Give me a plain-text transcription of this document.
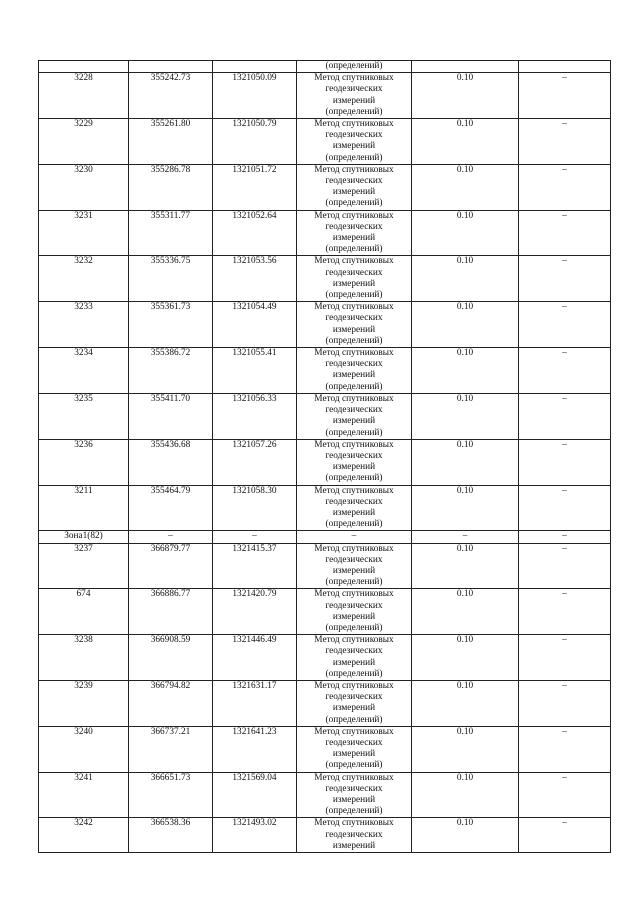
			(определений)		
3228	355242.73	1321050.09	Метод спутниковых
геодезических
измерений
(определений)	0.10	–
3229	355261.80	1321050.79	Метод спутниковых
геодезических
измерений
(определений)	0.10	–
3230	355286.78	1321051.72	Метод спутниковых
геодезических
измерений
(определений)	0.10	–
3231	355311.77	1321052.64	Метод спутниковых
геодезических
измерений
(определений)	0.10	–
3232	355336.75	1321053.56	Метод спутниковых
геодезических
измерений
(определений)	0.10	–
3233	355361.73	1321054.49	Метод спутниковых
геодезических
измерений
(определений)	0.10	–
3234	355386.72	1321055.41	Метод спутниковых
геодезических
измерений
(определений)	0.10	–
3235	355411.70	1321056.33	Метод спутниковых
геодезических
измерений
(определений)	0.10	–
3236	355436.68	1321057.26	Метод спутниковых
геодезических
измерений
(определений)	0.10	–
3211	355464.79	1321058.30	Метод спутниковых
геодезических
измерений
(определений)	0.10	–
Зона1(82)	–	–	–	–	–
3237	366879.77	1321415.37	Метод спутниковых
геодезических
измерений
(определений)	0.10	–
674	366886.77	1321420.79	Метод спутниковых
геодезических
измерений
(определений)	0.10	–
3238	366908.59	1321446.49	Метод спутниковых
геодезических
измерений
(определений)	0.10	–
3239	366794.82	1321631.17	Метод спутниковых
геодезических
измерений
(определений)	0.10	–
3240	366737.21	1321641.23	Метод спутниковых
геодезических
измерений
(определений)	0.10	–
3241	366651.73	1321569.04	Метод спутниковых
геодезических
измерений
(определений)	0.10	–
3242	366538.36	1321493.02	Метод спутниковых
геодезических
измерений	0.10	–
